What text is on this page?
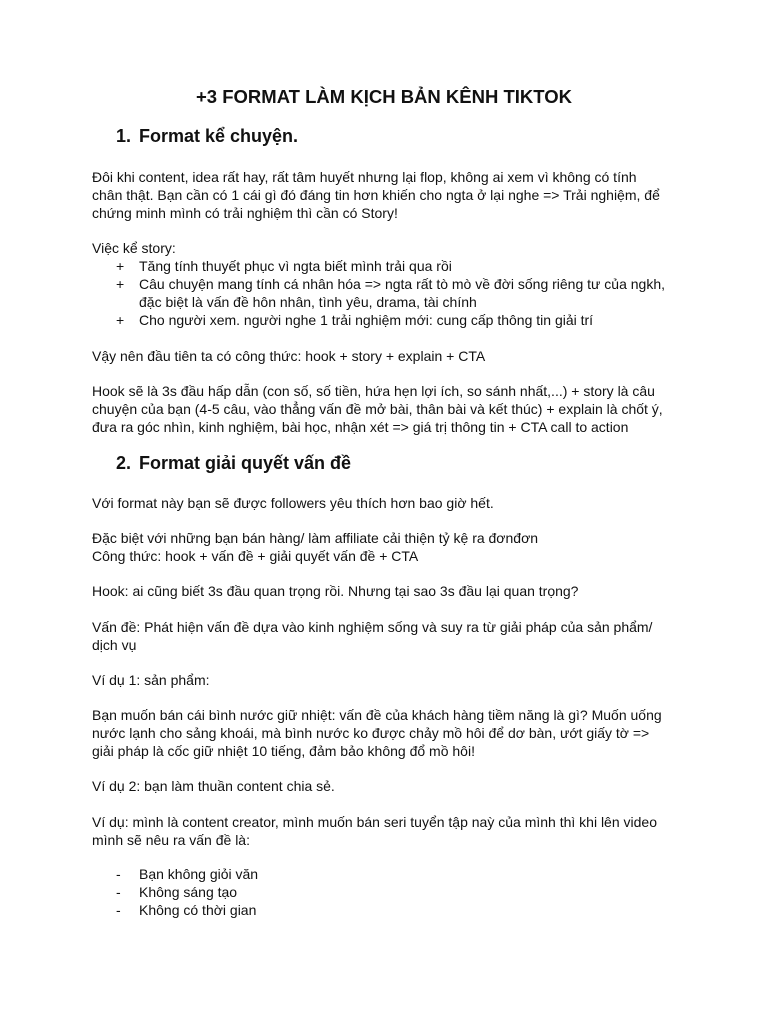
+3 FORMAT LÀM KỊCH BẢN KÊNH TIKTOK
1. Format kể chuyện.

Đôi khi content, idea rất hay, rất tâm huyết nhưng lại flop, không ai xem vì không có tính
chân thật. Bạn cần có 1 cái gì đó đáng tin hơn khiến cho ngta ở lại nghe => Trải nghiệm, để
chứng minh mình có trải nghiệm thì cần có Story!

Việc kể story:

+	Tăng tính thuyết phục vì ngta biết mình trải qua rồi
+	Câu chuyện mang tính cá nhân hóa => ngta rất tò mò về đời sống riêng tư của ngkh,
đặc biệt là vấn đề hôn nhân, tình yêu, drama, tài chính
+	Cho người xem. người nghe 1 trải nghiệm mới: cung cấp thông tin giải trí

Vậy nên đầu tiên ta có công thức: hook + story + explain + CTA

Hook sẽ là 3s đầu hấp dẫn (con số, số tiền, hứa hẹn lợi ích, so sánh nhất,...) + story là câu
chuyện của bạn (4-5 câu, vào thẳng vấn đề mở bài, thân bài và kết thúc) + explain là chốt ý,
đưa ra góc nhìn, kinh nghiệm, bài học, nhận xét => giá trị thông tin + CTA call to action

2. Format giải quyết vấn đề

Với format này bạn sẽ được followers yêu thích hơn bao giờ hết.

Đặc biệt với những bạn bán hàng/ làm affiliate cải thiện tỷ kệ ra đơnđơn
Công thức: hook + vấn đề + giải quyết vấn đề + CTA

Hook: ai cũng biết 3s đầu quan trọng rồi. Nhưng tại sao 3s đầu lại quan trọng?

Vấn đề: Phát hiện vấn đề dựa vào kinh nghiệm sống và suy ra từ giải pháp của sản phẩm/
dịch vụ

Ví dụ 1: sản phẩm:

Bạn muốn bán cái bình nước giữ nhiệt: vấn đề của khách hàng tiềm năng là gì? Muốn uống
nước lạnh cho sảng khoái, mà bình nước ko được chảy mồ hôi để dơ bàn, ướt giấy tờ =>
giải pháp là cốc giữ nhiệt 10 tiếng, đảm bảo không đổ mồ hôi!

Ví dụ 2: bạn làm thuần content chia sẻ.

Ví dụ: mình là content creator, mình muốn bán seri tuyển tập naỳ của mình thì khi lên video
mình sẽ nêu ra vấn đề là:

-	Bạn không giỏi văn
-	Không sáng tạo
-	Không có thời gian
